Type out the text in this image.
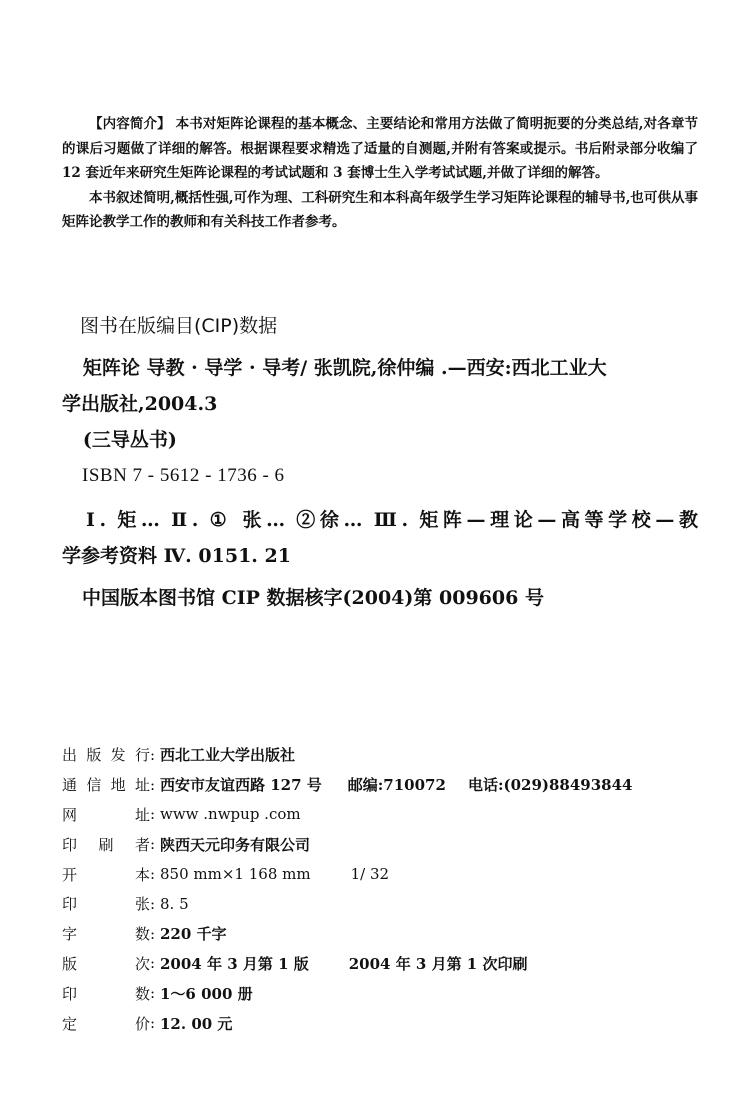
【内容简介】 本书对矩阵论课程的基本概念、主要结论和常用方法做了简明扼要的分类总结,对各章节的课后习题做了详细的解答。根据课程要求精选了适量的自测题,并附有答案或提示。书后附录部分收编了 12 套近年来研究生矩阵论课程的考试试题和 3 套博士生入学考试试题,并做了详细的解答。

本书叙述简明,概括性强,可作为理、工科研究生和本科高年级学生学习矩阵论课程的辅导书,也可供从事矩阵论教学工作的教师和有关科技工作者参考。

图书在版编目(CIP)数据

矩阵论 导教 · 导学 · 导考/ 张凯院,徐仲编 .—西安:西北工业大

学出版社,2004.3

(三导丛书)

ISBN 7 - 5612 - 1736 - 6

Ⅰ. 矩… Ⅱ. ① 张… ②徐… Ⅲ. 矩阵—理论—高等学校—教

学参考资料 Ⅳ. 0151. 21

中国版本图书馆 CIP 数据核字(2004)第 009606 号

出版发行 : 西北工业大学出版社
通信地址 : 西安市友谊西路 127 号 邮编:710072 电话:(029)88493844
网址 : www .nwpup .com
印刷者 : 陕西天元印务有限公司
开本 : 850 mm×1 168 mm	1/ 32
印张 : 8. 5
字数 : 220 千字
版次 : 2004 年 3 月第 1 版	2004 年 3 月第 1 次印刷
印数 : 1～6 000 册
定价 : 12. 00 元
